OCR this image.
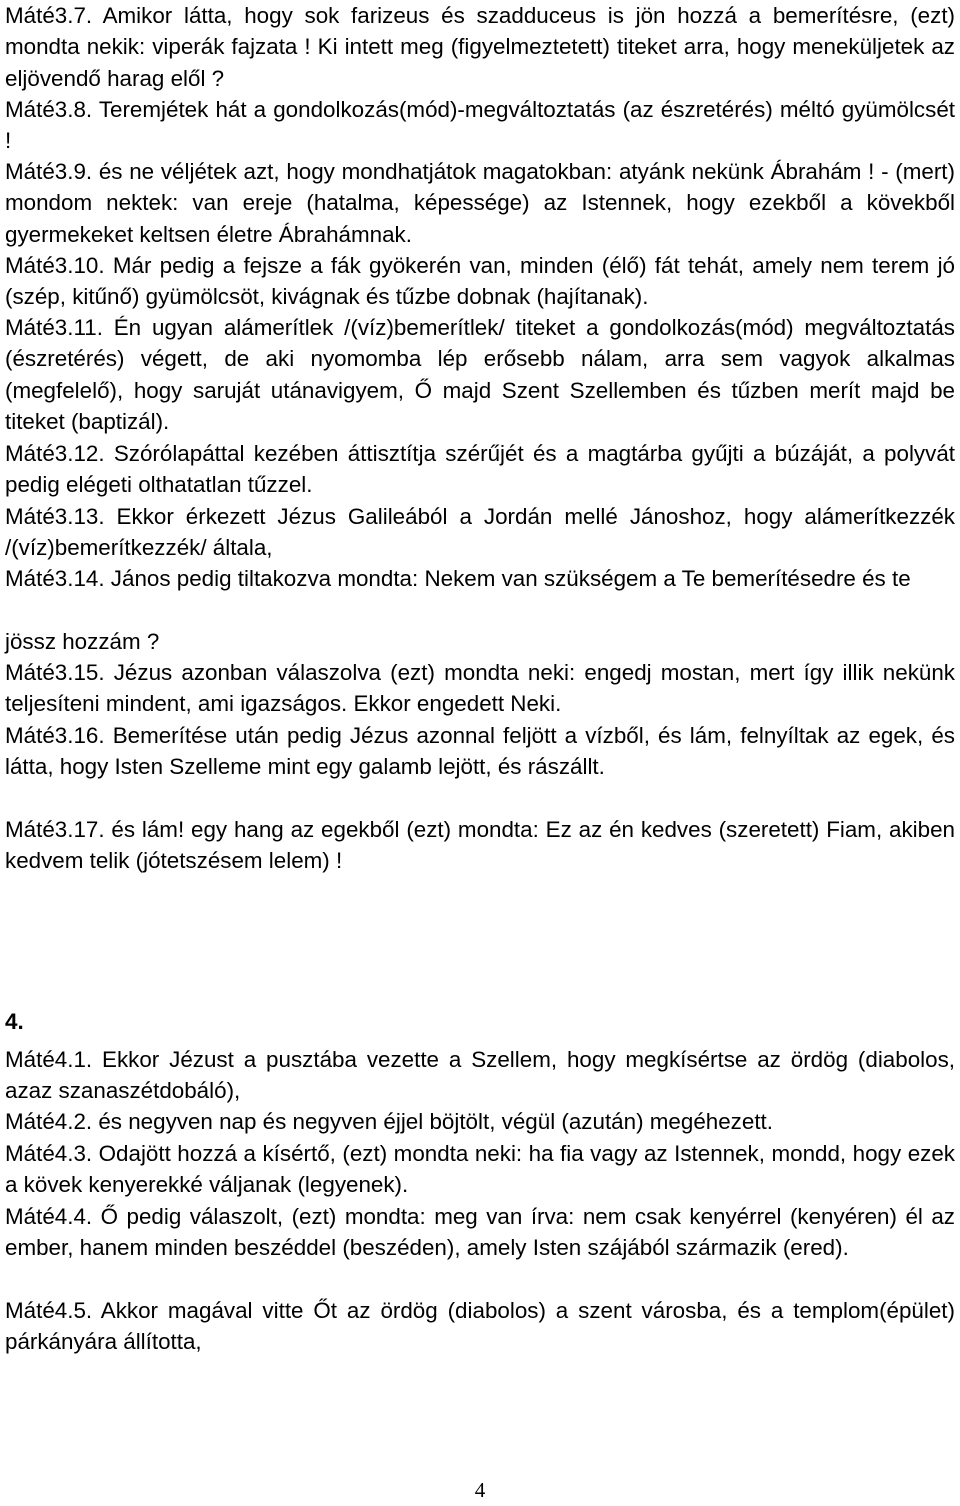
Máté3.7. Amikor látta, hogy sok farizeus és szadduceus is jön hozzá a bemerítésre, (ezt) mondta nekik: viperák fajzata ! Ki intett meg (figyelmeztetett) titeket arra, hogy meneküljetek az eljövendő harag elől ?
Máté3.8. Teremjétek hát a gondolkozás(mód)-megváltoztatás (az észretérés) méltó gyümölcsét !
Máté3.9. és ne véljétek azt, hogy mondhatjátok magatokban: atyánk nekünk Ábrahám ! - (mert) mondom nektek: van ereje (hatalma, képessége) az Istennek, hogy ezekből a kövekből gyermekeket keltsen életre Ábrahámnak.
Máté3.10. Már pedig a fejsze a fák gyökerén van, minden (élő) fát tehát, amely nem terem jó (szép, kitűnő) gyümölcsöt, kivágnak és tűzbe dobnak (hajítanak).
Máté3.11. Én ugyan alámerítlek /(víz)bemerítlek/ titeket a gondolkozás(mód) megváltoztatás (észretérés) végett, de aki nyomomba lép erősebb nálam, arra sem vagyok alkalmas (megfelelő), hogy saruját utánavigyem, Ő majd Szent Szellemben és tűzben merít majd be titeket (baptizál).
Máté3.12. Szórólapáttal kezében áttisztítja szérűjét és a magtárba gyűjti a búzáját, a polyvát pedig elégeti olthatatlan tűzzel.
Máté3.13. Ekkor érkezett Jézus Galileából a Jordán mellé Jánoshoz, hogy alámerítkezzék /(víz)bemerítkezzék/ általa,
Máté3.14. János pedig tiltakozva mondta: Nekem van szükségem a Te bemerítésedre és te
jössz hozzám ?
Máté3.15. Jézus azonban válaszolva (ezt) mondta neki: engedj mostan, mert így illik nekünk teljesíteni mindent, ami igazságos. Ekkor engedett Neki.
Máté3.16. Bemerítése után pedig Jézus azonnal feljött a vízből, és lám, felnyíltak az egek, és látta, hogy Isten Szelleme mint egy galamb lejött, és rászállt.
Máté3.17. és lám! egy hang az egekből (ezt) mondta: Ez az én kedves (szeretett) Fiam, akiben kedvem telik (jótetszésem lelem) !
4.
Máté4.1. Ekkor Jézust a pusztába vezette a Szellem, hogy megkísértse az ördög (diabolos, azaz szanaszétdobáló),
Máté4.2. és negyven nap és negyven éjjel böjtölt, végül (azután) megéhezett.
Máté4.3. Odajött hozzá a kísértő, (ezt) mondta neki: ha fia vagy az Istennek, mondd, hogy ezek a kövek kenyerekké váljanak (legyenek).
Máté4.4. Ő pedig válaszolt, (ezt) mondta: meg van írva: nem csak kenyérrel (kenyéren) él az ember, hanem minden beszéddel (beszéden), amely Isten szájából származik (ered).
Máté4.5. Akkor magával vitte Őt az ördög (diabolos) a szent városba, és a templom(épület) párkányára állította,
4
